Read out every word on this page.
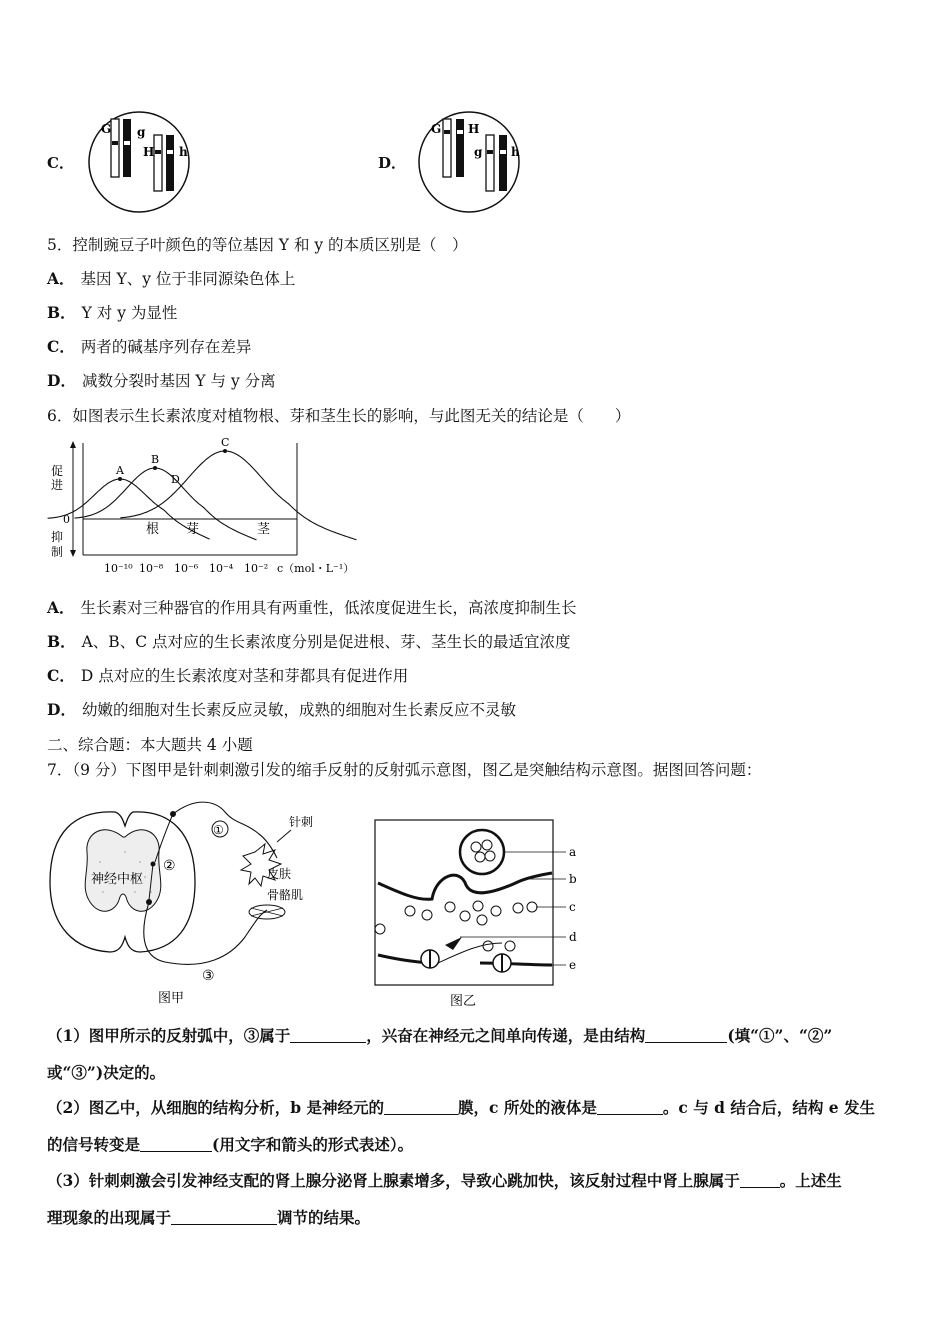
C．
G g
H h
D．
G H
g h
5．控制豌豆子叶颜色的等位基因 Y 和 y 的本质区别是（　）
A． 基因 Y、y 位于非同源染色体上
B． Y 对 y 为显性
C． 两者的碱基序列存在差异
D． 减数分裂时基因 Y 与 y 分离
6．如图表示生长素浓度对植物根、芽和茎生长的影响，与此图无关的结论是（　　）
促
进
0
抑
制
A
根
B
芽
C
茎
D
10⁻¹⁰ 10⁻⁸ 10⁻⁶ 10⁻⁴ 10⁻² c（mol・L⁻¹）
A． 生长素对三种器官的作用具有两重性，低浓度促进生长，高浓度抑制生长
B． A、B、C 点对应的生长素浓度分别是促进根、芽、茎生长的最适宜浓度
C． D 点对应的生长素浓度对茎和芽都具有促进作用
D． 幼嫩的细胞对生长素反应灵敏，成熟的细胞对生长素反应不灵敏
二、综合题：本大题共 4 小题
7．（9 分）下图甲是针刺刺激引发的缩手反射的反射弧示意图，图乙是突触结构示意图。据图回答问题：
神经中枢
①
②
③
针刺
皮肤
骨骼肌
图甲
a
b
c
d
e
图乙
（1）图甲所示的反射弧中，③属于	，兴奋在神经元之间单向传递，是由结构	(填“①”、“②”
或“③”)决定的。
（2）图乙中，从细胞的结构分析，b 是神经元的	膜，c 所处的液体是	。c 与 d 结合后，结构 e 发生
的信号转变是	(用文字和箭头的形式表述）。
（3）针刺刺激会引发神经支配的肾上腺分泌肾上腺素增多，导致心跳加快，该反射过程中肾上腺属于	。上述生
理现象的出现属于	调节的结果。
